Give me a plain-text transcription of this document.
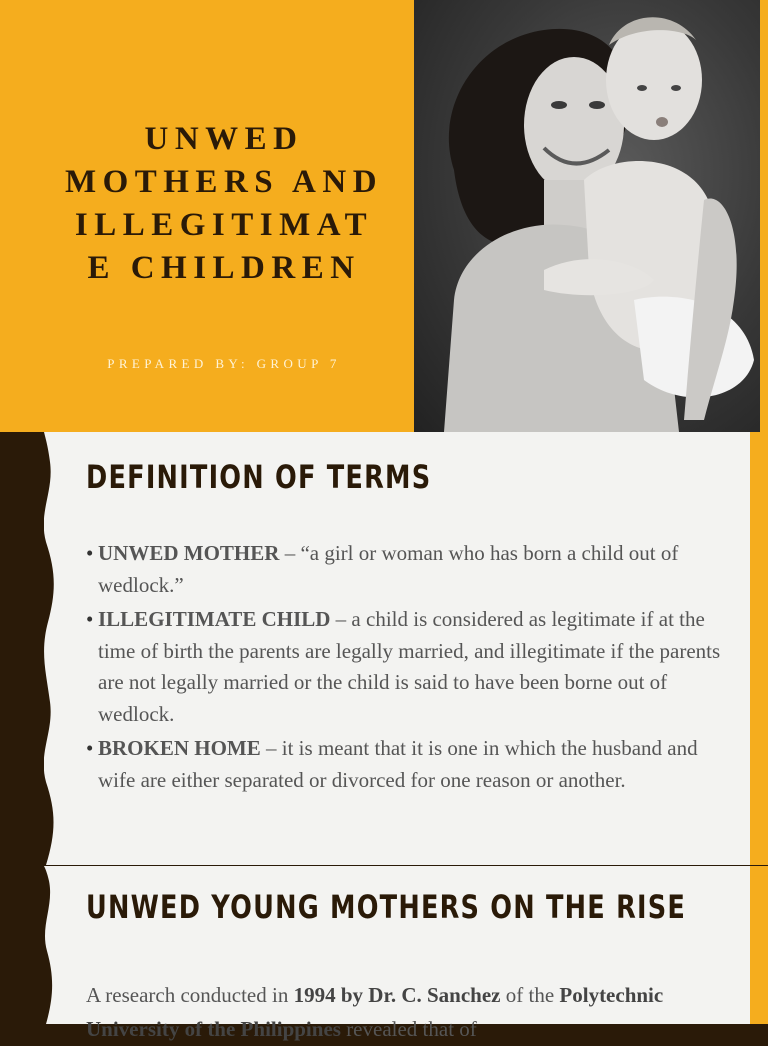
UNWED
MOTHERS AND
ILLEGITIMAT
E CHILDREN
PREPARED BY: GROUP 7
DEFINITION OF TERMS
• UNWED MOTHER – “a girl or woman who has born a child out of wedlock.”
• ILLEGITIMATE CHILD – a child is considered as legitimate if at the time of birth the parents are legally married, and illegitimate if the parents are not legally married or the child is said to have been borne out of wedlock.
• BROKEN HOME – it is meant that it is one in which the husband and wife are either separated or divorced for one reason or another.
UNWED YOUNG MOTHERS ON THE RISE

A research conducted in 1994 by Dr. C. Sanchez of the Polytechnic University of the Philippines revealed that of
